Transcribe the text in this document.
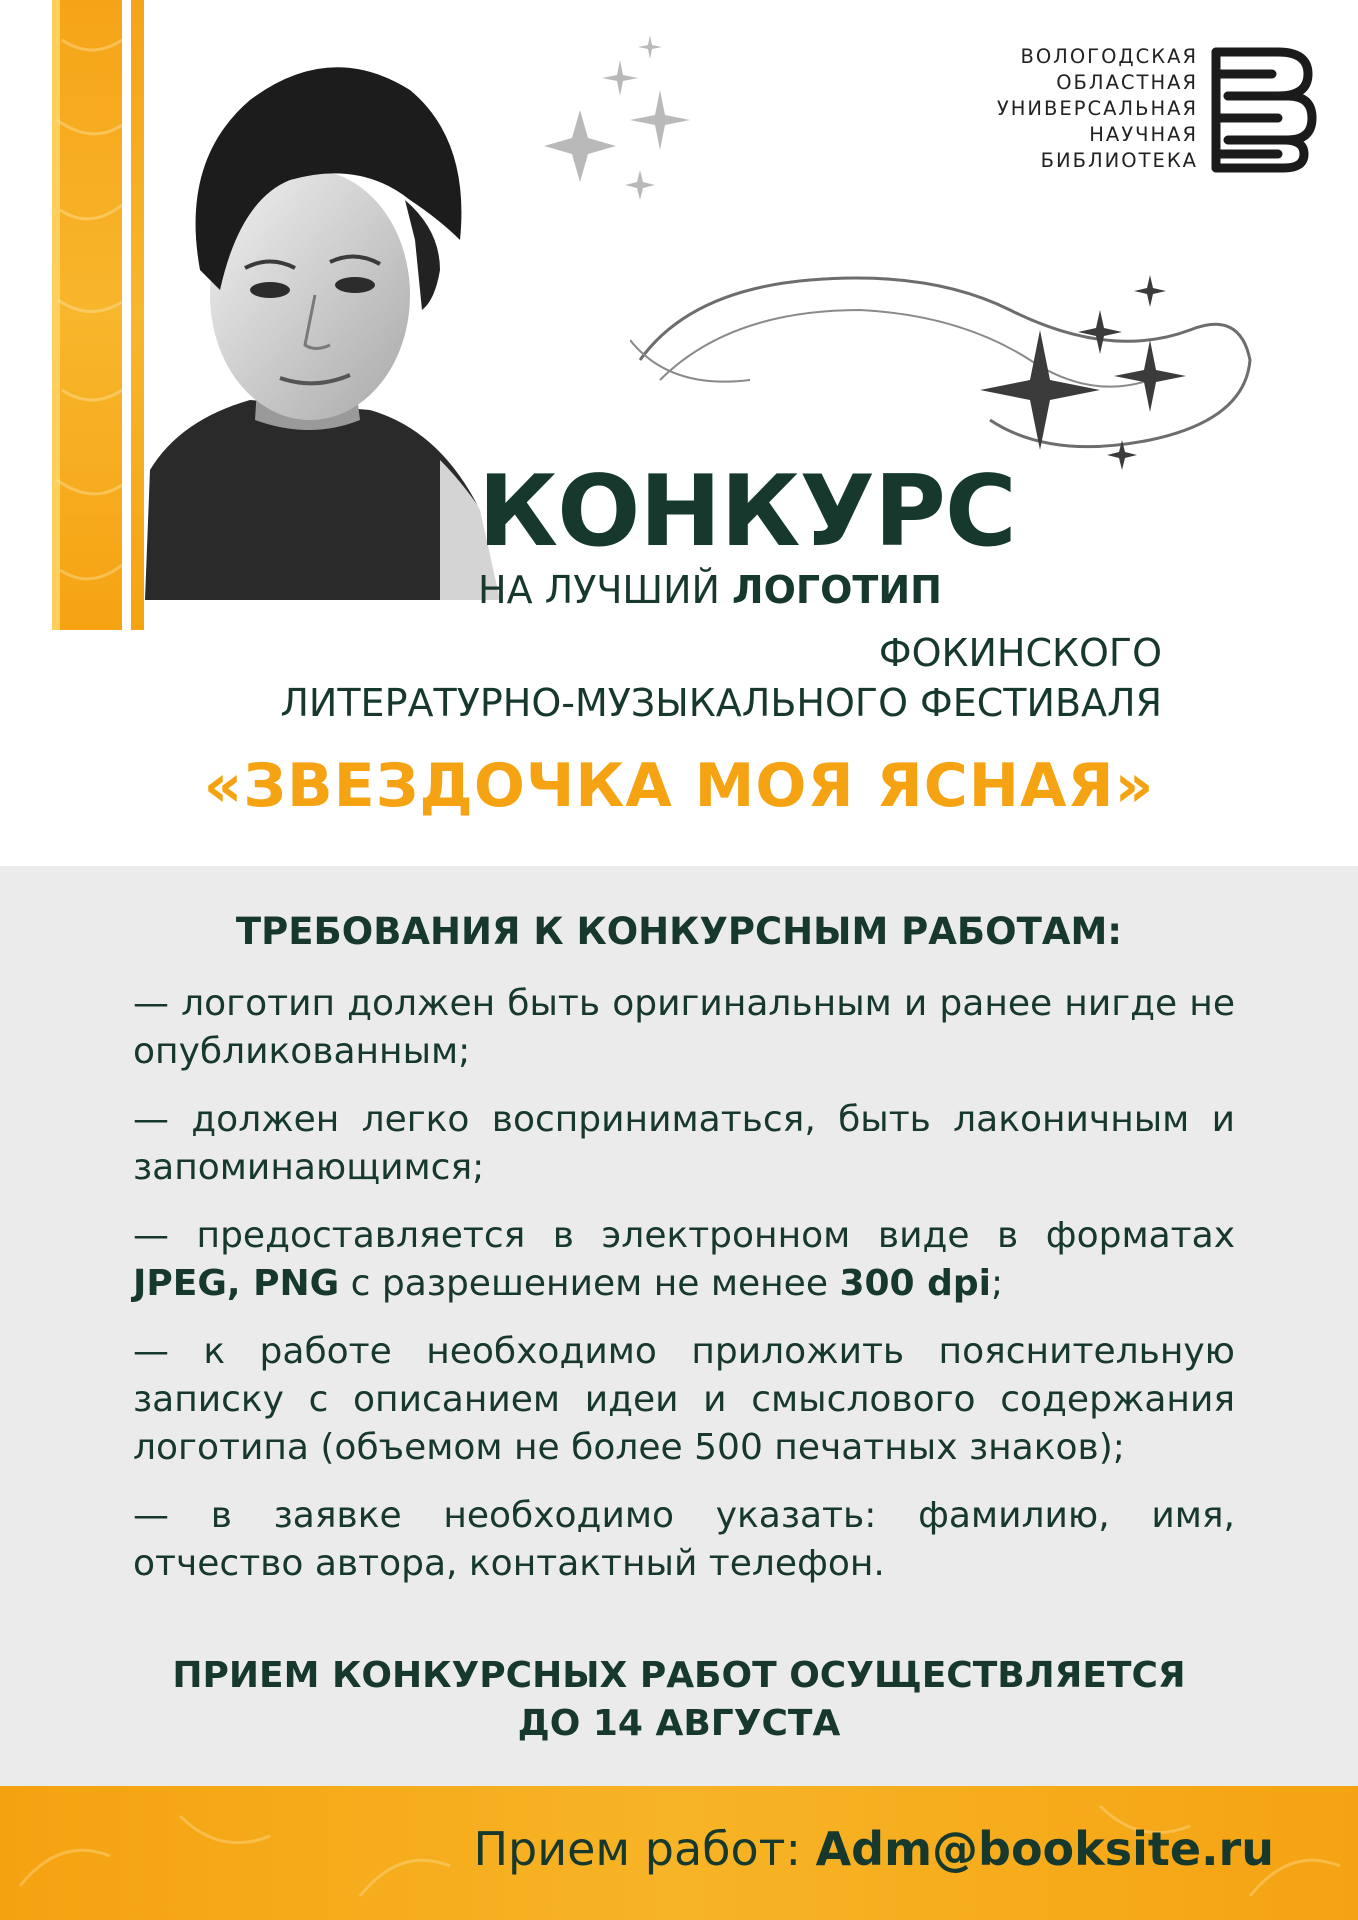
ВОЛОГОДСКАЯ
ОБЛАСТНАЯ
УНИВЕРСАЛЬНАЯ
НАУЧНАЯ
БИБЛИОТЕКА
КОНКУРС
НА ЛУЧШИЙ ЛОГОТИП
ФОКИНСКОГО
ЛИТЕРАТУРНО-МУЗЫКАЛЬНОГО ФЕСТИВАЛЯ
«ЗВЕЗДОЧКА МОЯ ЯСНАЯ»
ТРЕБОВАНИЯ К КОНКУРСНЫМ РАБОТАМ:

— логотип должен быть оригинальным и ранее нигде не опубликованным;

— должен легко восприниматься, быть лаконичным и запоминающимся;

— предоставляется в электронном виде в форматах JPEG, PNG с разрешением не менее 300 dpi;

— к работе необходимо приложить пояснительную записку с описанием идеи и смыслового содержания логотипа (объемом не более 500 печатных знаков);

— в заявке необходимо указать: фамилию, имя, отчество автора, контактный телефон.

ПРИЕМ КОНКУРСНЫХ РАБОТ ОСУЩЕСТВЛЯЕТСЯ
ДО 14 АВГУСТА
Прием работ: Adm@booksite.ru
